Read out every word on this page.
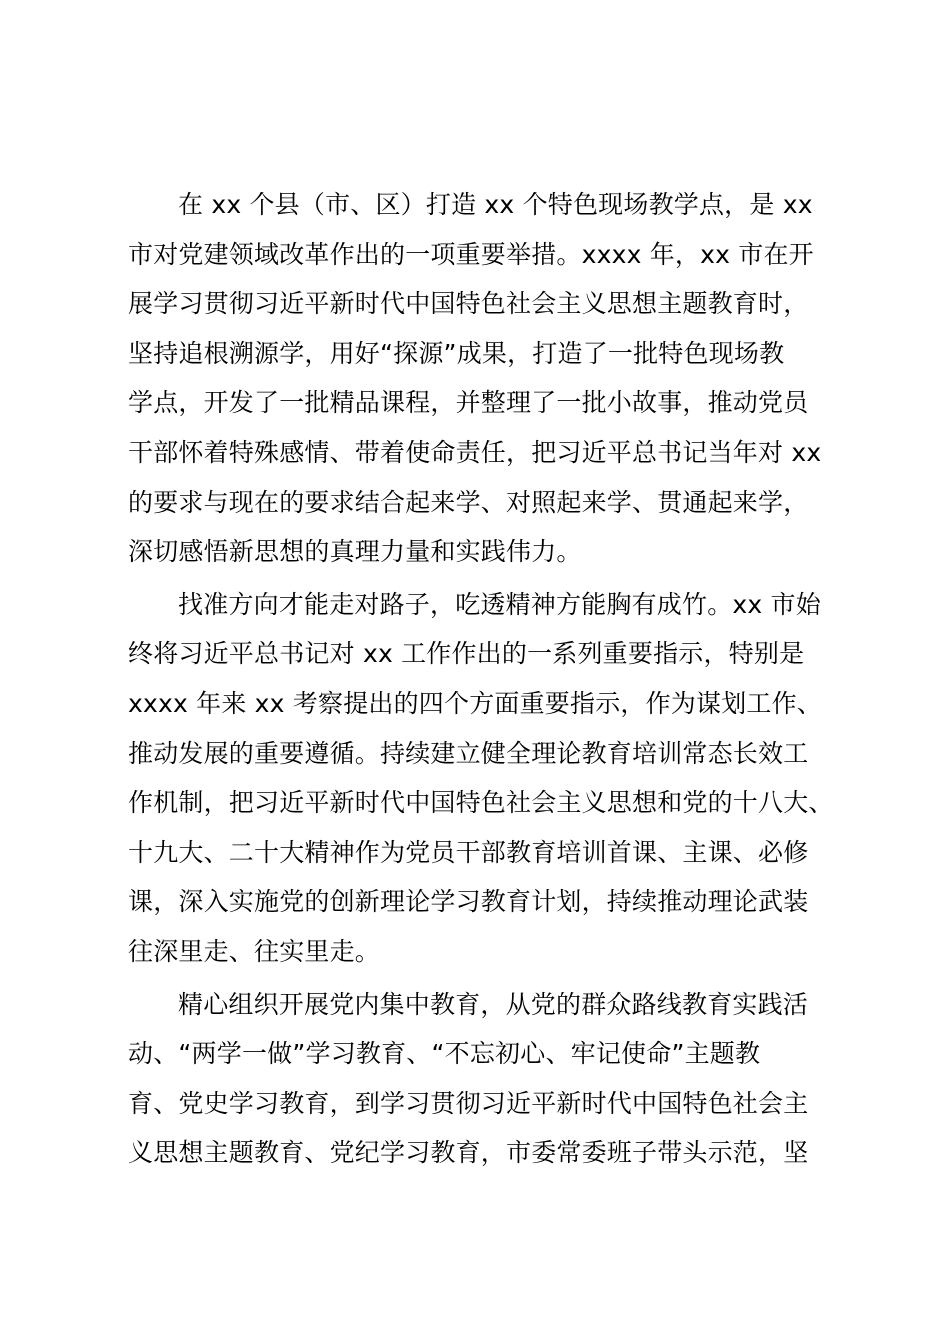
在 xx 个县（市、区）打造 xx 个特色现场教学点，是 xx
市对党建领域改革作出的一项重要举措。xxxx 年，xx 市在开
展学习贯彻习近平新时代中国特色社会主义思想主题教育时，
坚持追根溯源学，用好“探源”成果，打造了一批特色现场教
学点，开发了一批精品课程，并整理了一批小故事，推动党员
干部怀着特殊感情、带着使命责任，把习近平总书记当年对 xx
的要求与现在的要求结合起来学、对照起来学、贯通起来学，
深切感悟新思想的真理力量和实践伟力。

找准方向才能走对路子，吃透精神方能胸有成竹。xx 市始
终将习近平总书记对 xx 工作作出的一系列重要指示，特别是
xxxx 年来 xx 考察提出的四个方面重要指示，作为谋划工作、
推动发展的重要遵循。持续建立健全理论教育培训常态长效工
作机制，把习近平新时代中国特色社会主义思想和党的十八大、
十九大、二十大精神作为党员干部教育培训首课、主课、必修
课，深入实施党的创新理论学习教育计划，持续推动理论武装
往深里走、往实里走。

精心组织开展党内集中教育，从党的群众路线教育实践活
动、“两学一做”学习教育、“不忘初心、牢记使命”主题教
育、党史学习教育，到学习贯彻习近平新时代中国特色社会主
义思想主题教育、党纪学习教育，市委常委班子带头示范，坚
